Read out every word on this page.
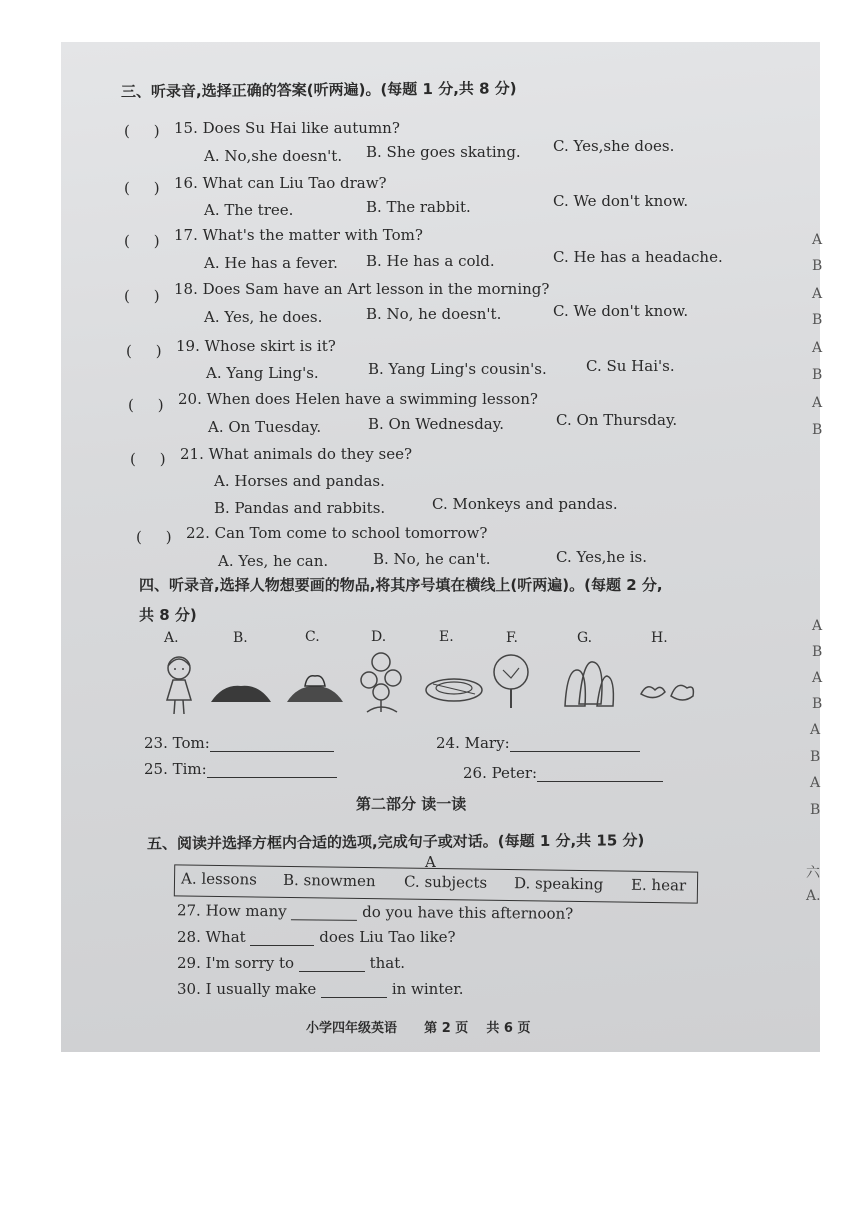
三、听录音,选择正确的答案(听两遍)。(每题 1 分,共 8 分)
(     ) 15. Does Su Hai like autumn?
A. No,she doesn't. B. She goes skating. C. Yes,she does.
(     ) 16. What can Liu Tao draw?
A. The tree.	B. The rabbit.	C. We don't know.
(     ) 17. What's the matter with Tom?
A. He has a fever. B. He has a cold.	C. He has a headache.
(     ) 18. Does Sam have an Art lesson in the morning?
A. Yes, he does.	B. No, he doesn't.	C. We don't know.
(     ) 19. Whose skirt is it?
A. Yang Ling's.	B. Yang Ling's cousin's.	C. Su Hai's.
(     ) 20. When does Helen have a swimming lesson?
A. On Tuesday.	B. On Wednesday.	C. On Thursday.
(     ) 21. What animals do they see?
A. Horses and pandas.
B. Pandas and rabbits.	C. Monkeys and pandas.
(     ) 22. Can Tom come to school tomorrow?
A. Yes, he can.	B. No, he can't.	C. Yes,he is.
四、听录音,选择人物想要画的物品,将其序号填在横线上(听两遍)。(每题 2 分,
共 8 分)
A.	B.	C.	D.	E.	F.	G.	H.
23. Tom:	24. Mary:
25. Tim:	26. Peter:
第二部分 读一读
五、阅读并选择方框内合适的选项,完成句子或对话。(每题 1 分,共 15 分)
A
A. lessons B. snowmen C. subjects D. speaking E. hear
27. How many	do you have this afternoon?
28. What	does Liu Tao like?
29. I'm sorry to	that.
30. I usually make	in winter.
小学四年级英语 第 2 页 共 6 页
A
B
A
B
A
B
A
B
A
B
A
B
A
B
A
B
六
A.
